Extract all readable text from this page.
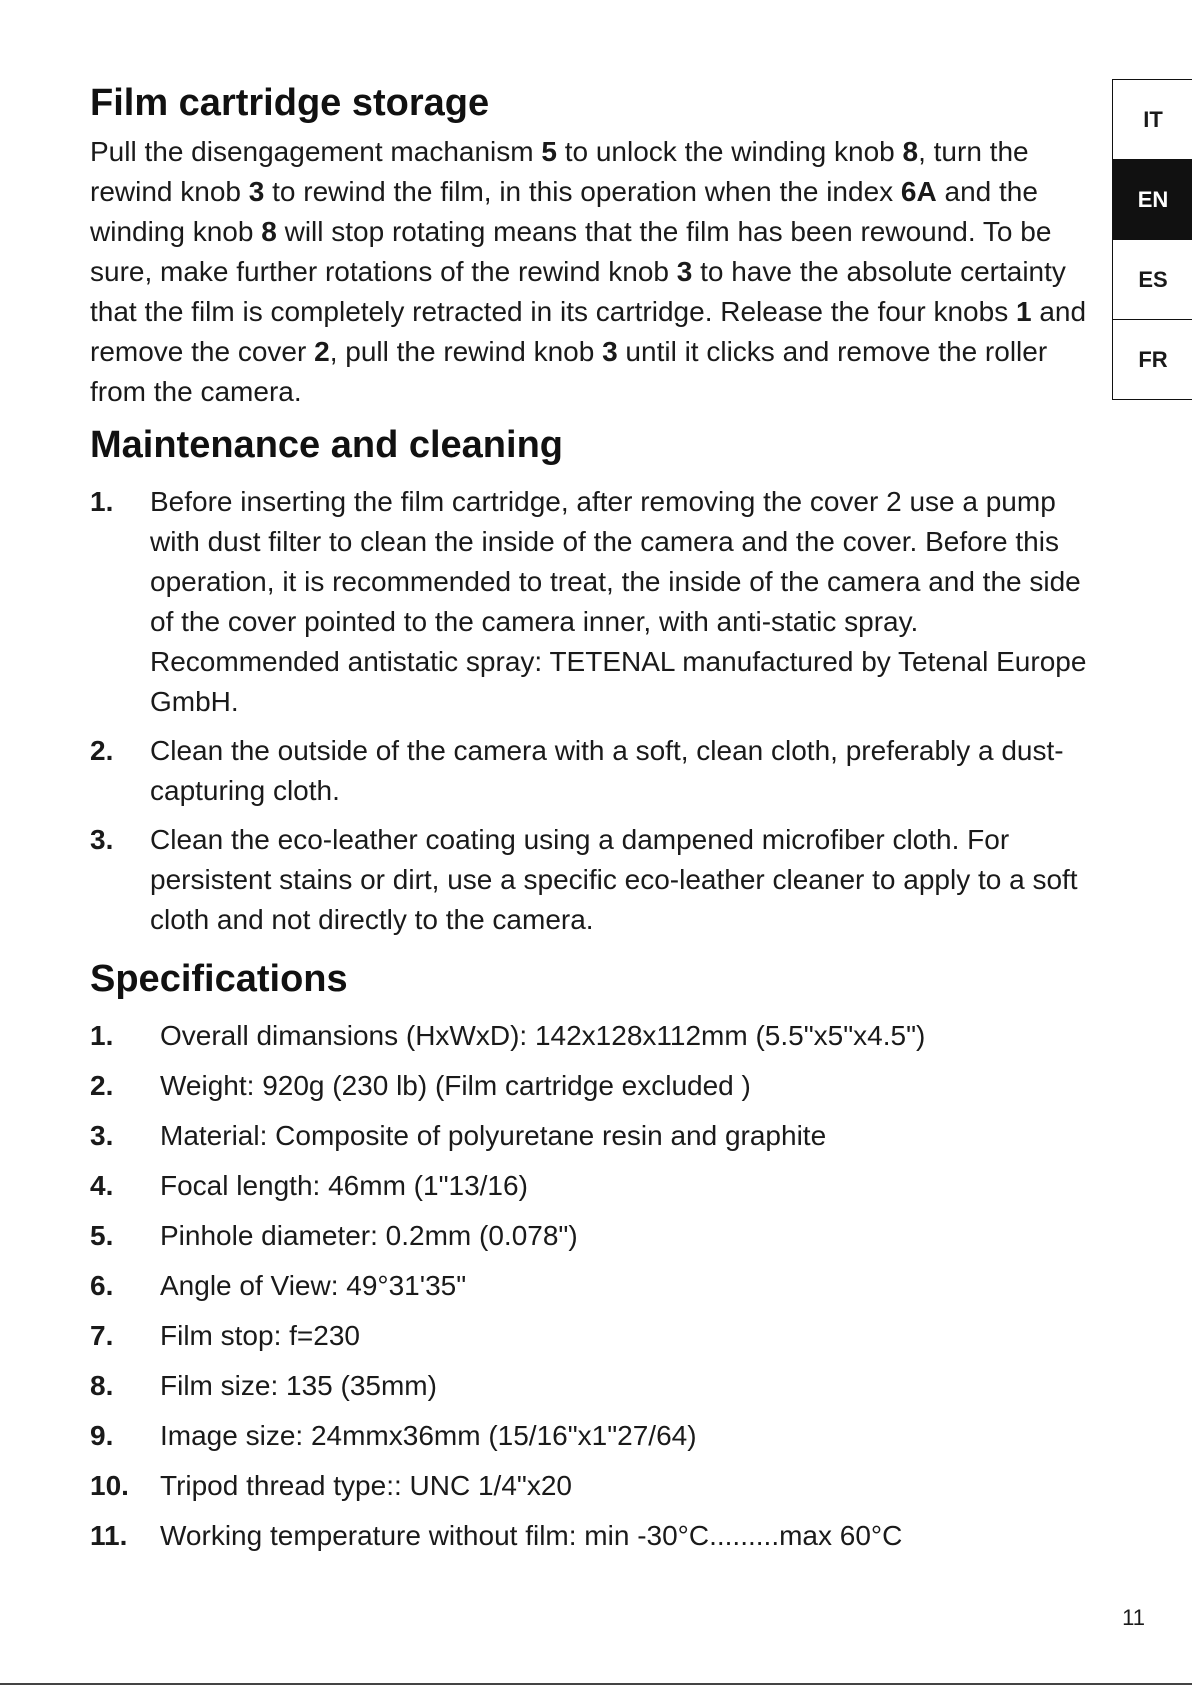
Film cartridge storage

Pull the disengagement machanism 5 to unlock the winding knob 8, turn the rewind knob 3 to rewind the film, in this operation when the index 6A and the winding knob 8 will stop rotating means that the film has been rewound. To be sure, make further rotations of the rewind knob 3 to have the absolute certainty that the film is completely retracted in its cartridge. Release the four knobs 1 and remove the cover 2, pull the rewind knob 3 until it clicks and remove the roller from the camera.

Maintenance and cleaning
1.	Before inserting the film cartridge, after removing the cover 2 use a pump with dust filter to clean the inside of the camera and the cover. Before this operation, it is recommended to treat, the inside of the camera and the side of the cover pointed to the camera inner, with anti-static spray. Recommended antistatic spray: TETENAL manufactured by Tetenal Europe GmbH.
2.	Clean the outside of the camera with a soft, clean cloth, preferably a dust-capturing cloth.
3.	Clean the eco-leather coating using a dampened microfiber cloth. For persistent stains or dirt, use a specific eco-leather cleaner to apply to a soft cloth and not directly to the camera.
Specifications
1.	Overall dimansions (HxWxD): 142x128x112mm (5.5"x5"x4.5")
2.	Weight: 920g (230 lb) (Film cartridge excluded )
3.	Material: Composite of polyuretane resin and graphite
4.	Focal length: 46mm (1"13/16)
5.	Pinhole diameter: 0.2mm (0.078")
6.	Angle of View: 49°31'35"
7.	Film stop: f=230
8.	Film size: 135 (35mm)
9.	Image size: 24mmx36mm (15/16"x1"27/64)
10.	Tripod thread type:: UNC 1/4"x20
11.	Working temperature without film: min -30°C.........max 60°C
IT
EN
ES
FR
11
